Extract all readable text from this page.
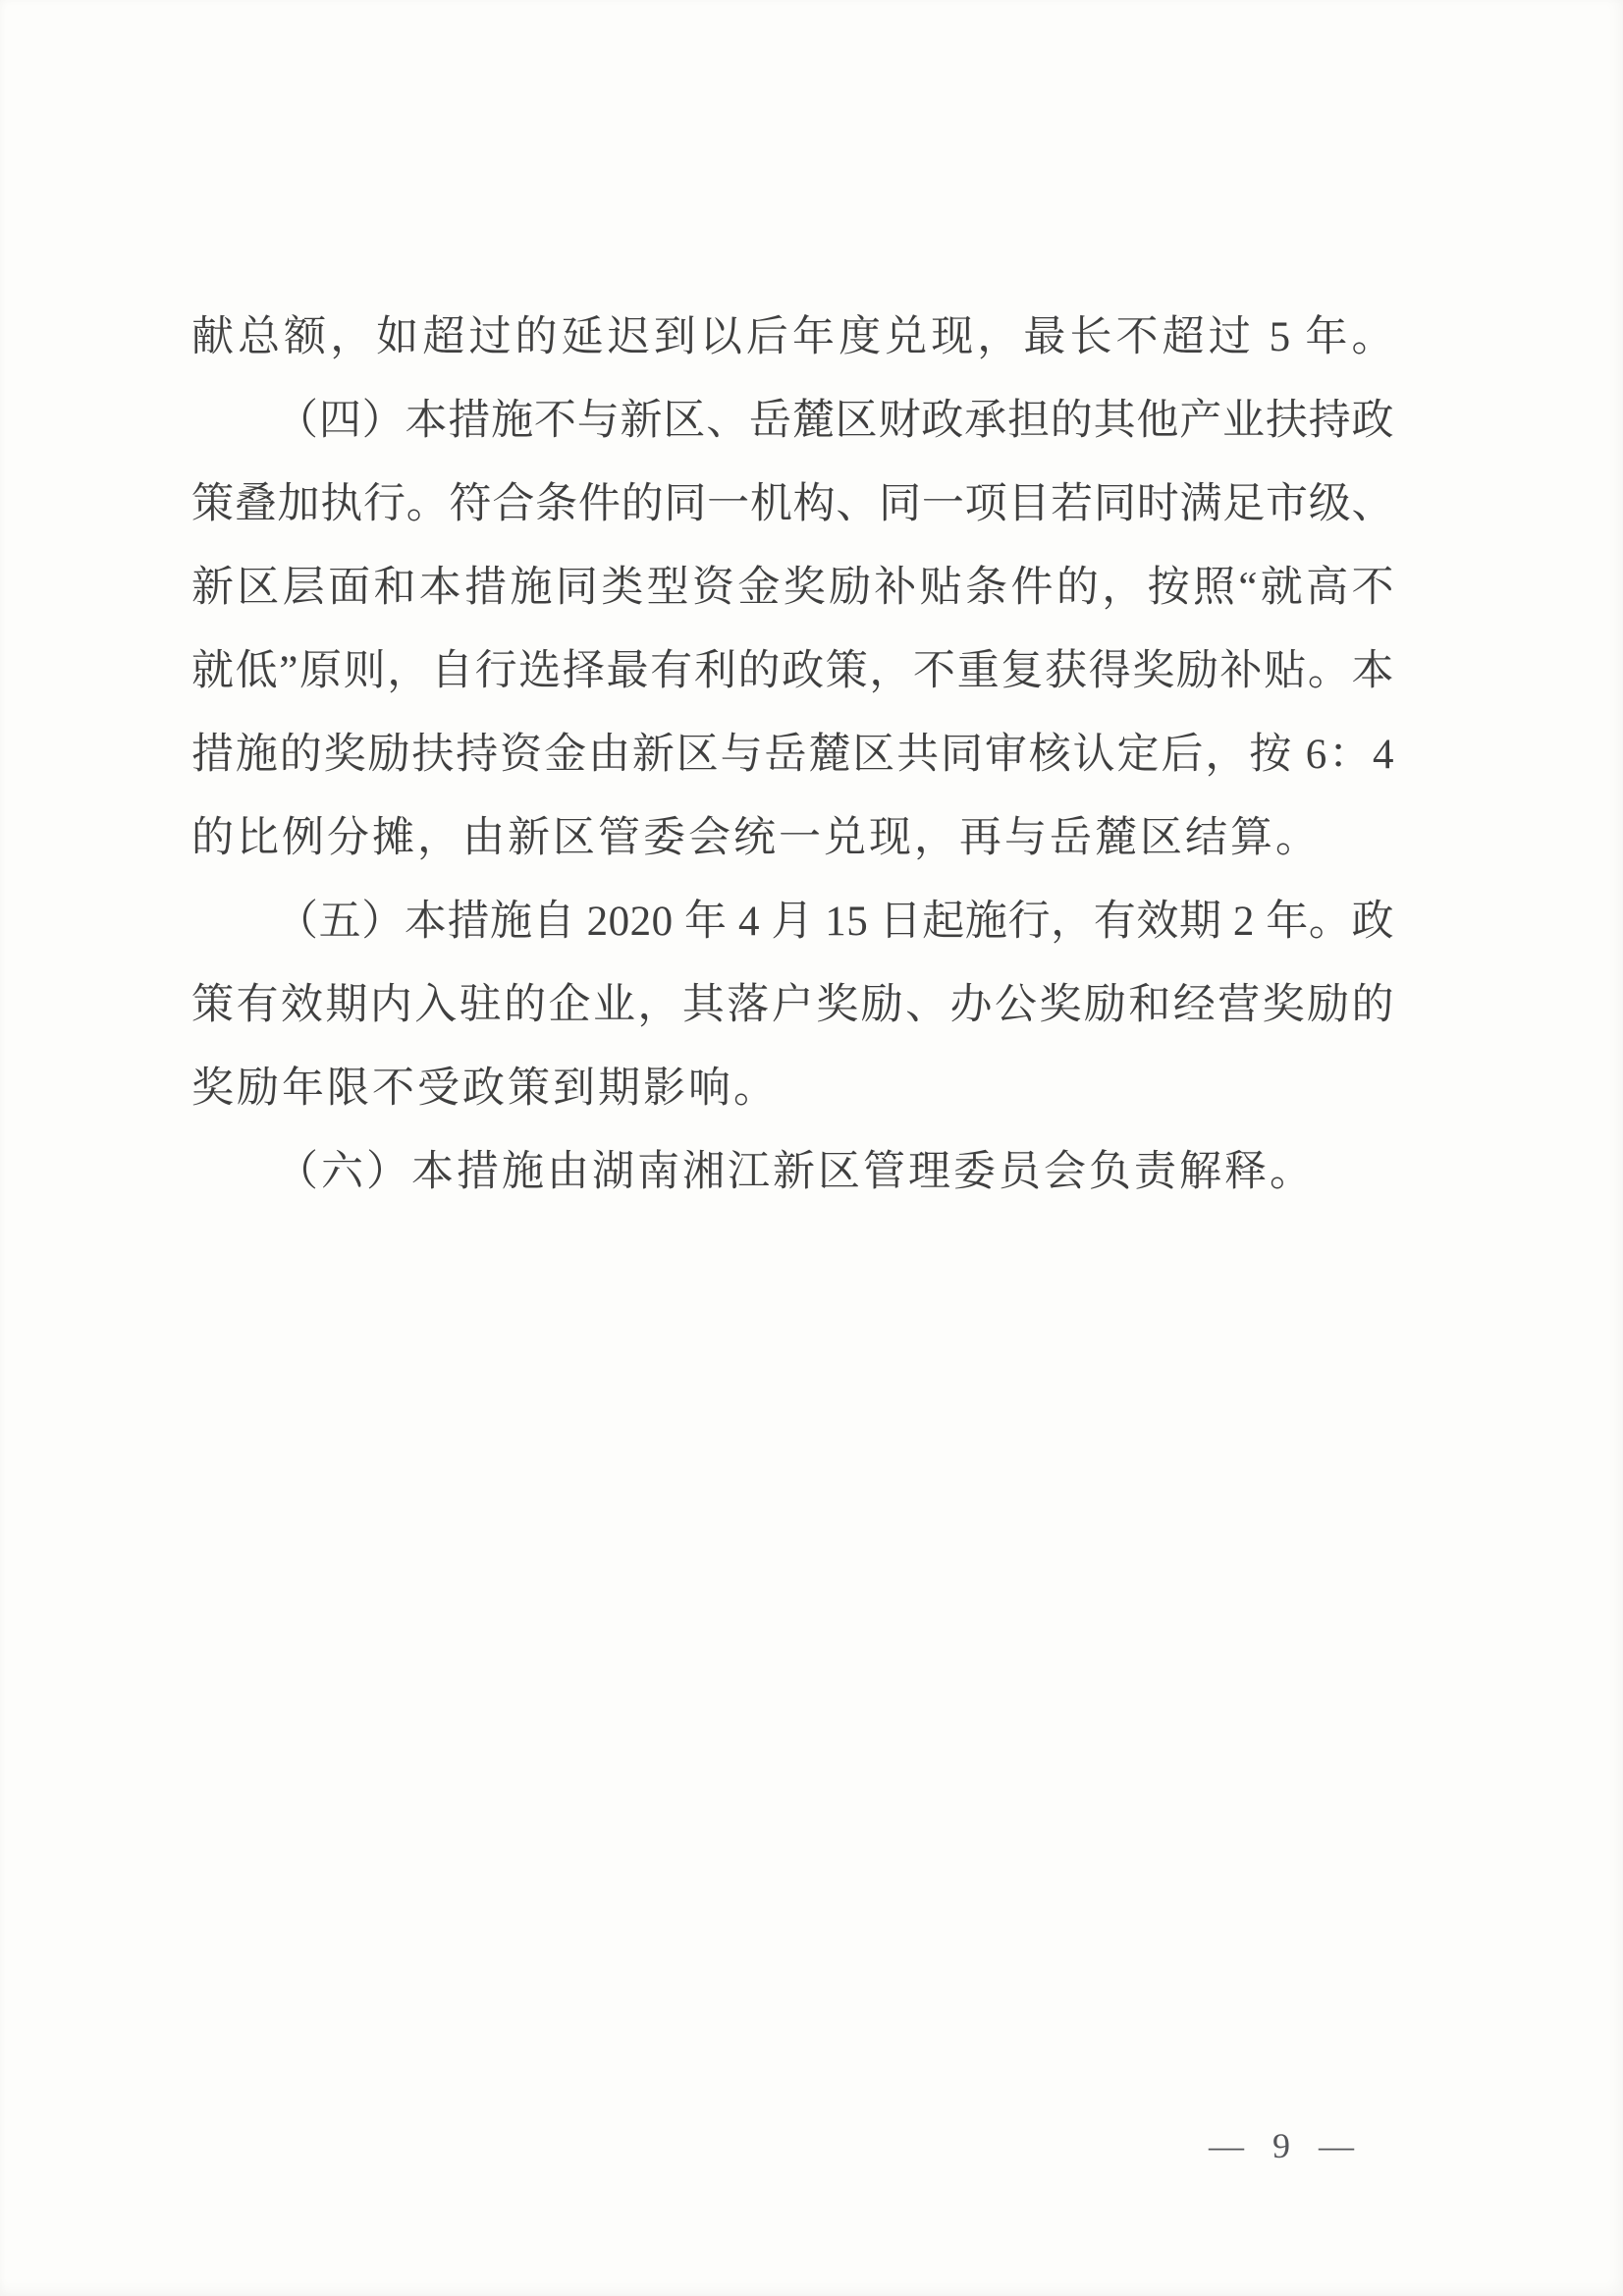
献总额，如超过的延迟到以后年度兑现，最长不超过 5 年。
（四）本措施不与新区、岳麓区财政承担的其他产业扶持政
策叠加执行。符合条件的同一机构、同一项目若同时满足市级、
新区层面和本措施同类型资金奖励补贴条件的，按照“就高不
就低”原则，自行选择最有利的政策，不重复获得奖励补贴。本
措施的奖励扶持资金由新区与岳麓区共同审核认定后，按 6：4
的比例分摊，由新区管委会统一兑现，再与岳麓区结算。
（五）本措施自 2020 年 4 月 15 日起施行，有效期 2 年。政
策有效期内入驻的企业，其落户奖励、办公奖励和经营奖励的
奖励年限不受政策到期影响。
（六）本措施由湖南湘江新区管理委员会负责解释。
— 9 —
